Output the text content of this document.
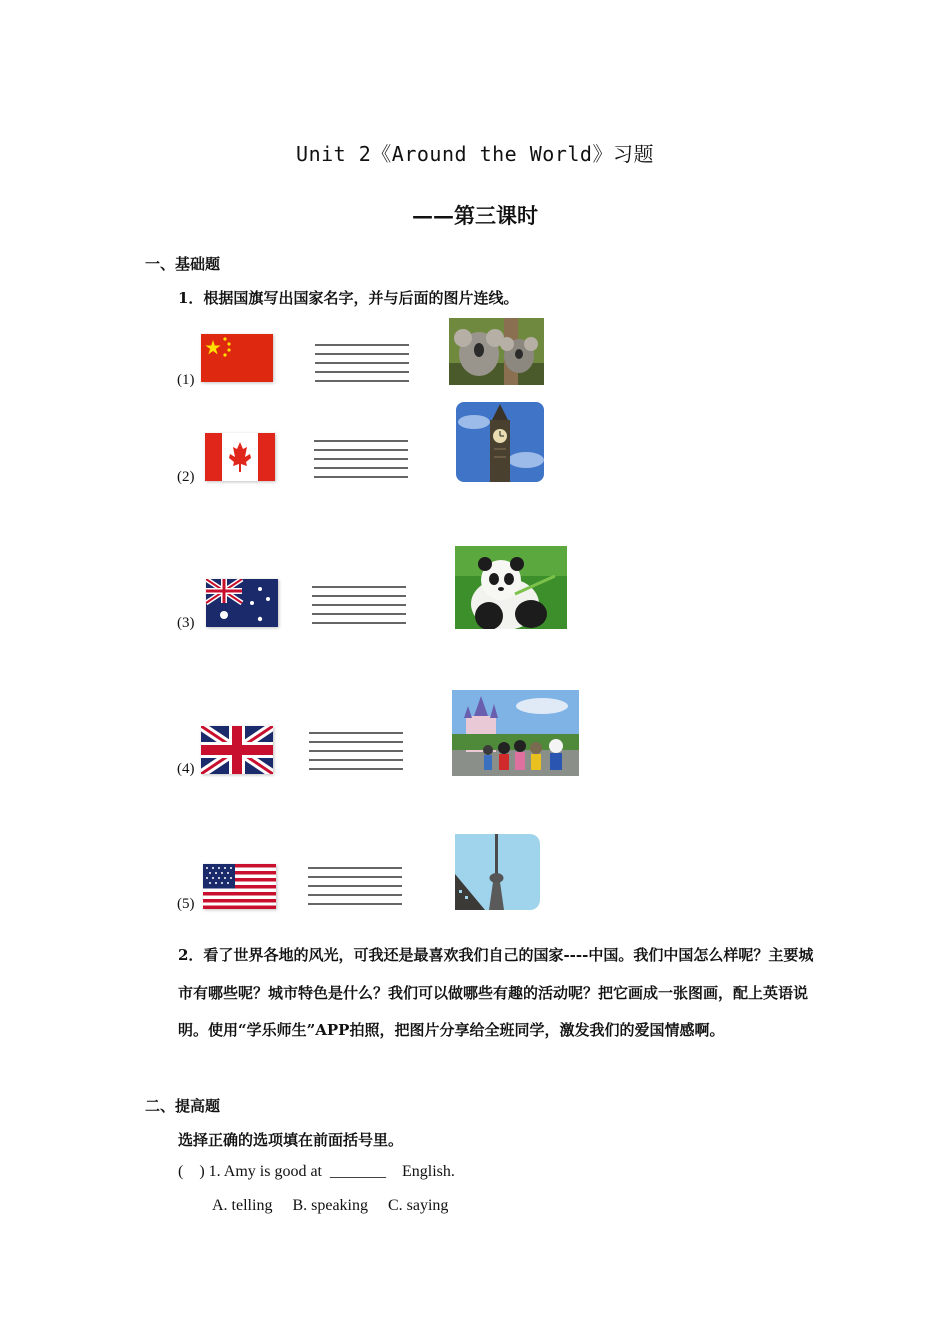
Unit 2《Around the World》习题
——第三课时
一、基础题
1．根据国旗写出国家名字，并与后面的图片连线。
(1)
(2)
(3)
(4)
(5)
2．看了世界各地的风光，可我还是最喜欢我们自己的国家----中国。我们中国怎么样呢？主要城市有哪些呢？城市特色是什么？我们可以做哪些有趣的活动呢？把它画成一张图画，配上英语说明。使用“学乐师生”APP拍照，把图片分享给全班同学，激发我们的爱国情感啊。
二、提高题
选择正确的选项填在前面括号里。
(    ) 1. Amy is good at  _______    English.
A. telling     B. speaking     C. saying
